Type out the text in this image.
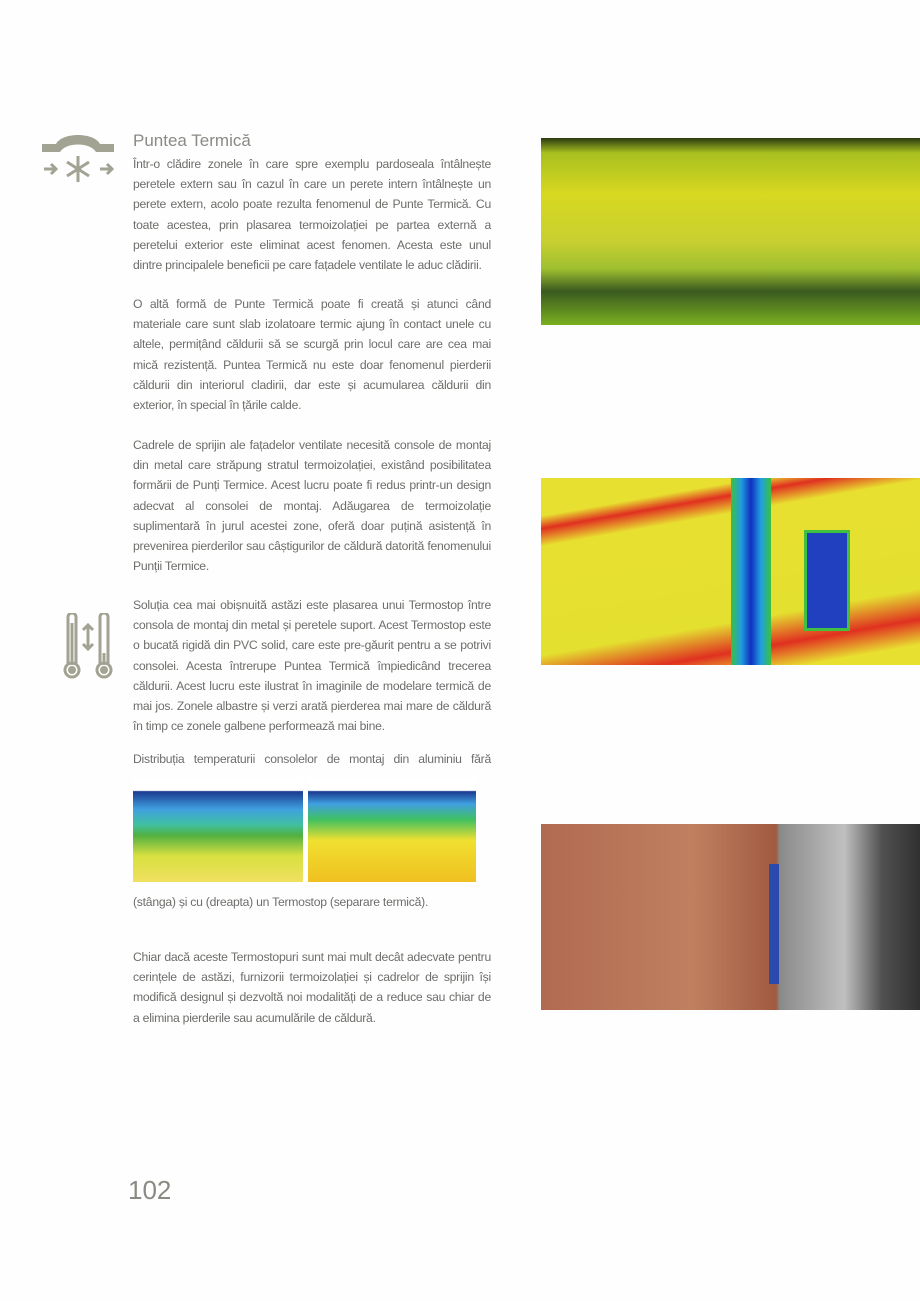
Puntea Termică

Într-o clădire zonele în care spre exemplu pardoseala întâlnește peretele extern sau în cazul în care un perete intern întâlnește un perete extern, acolo poate rezulta fenomenul de Punte Termică. Cu toate acestea, prin plasarea termoizolației pe partea externă a peretelui exterior este eliminat acest fenomen. Acesta este unul dintre principalele beneficii pe care fațadele ventilate le aduc clădirii.

O altă formă de Punte Termică poate fi creată și atunci când materiale care sunt slab izolatoare termic ajung în contact unele cu altele, permițând căldurii să se scurgă prin locul care are cea mai mică rezistență. Puntea Termică nu este doar fenomenul pierderii căldurii din interiorul cladirii, dar este și acumularea căldurii din exterior, în special în țările calde.

Cadrele de sprijin ale fațadelor ventilate necesită console de montaj din metal care străpung stratul termoizolației, existând posibilitatea formării de Punți Termice. Acest lucru poate fi redus printr-un design adecvat al consolei de montaj. Adăugarea de termoizolație suplimentară în jurul acestei zone, oferă doar puțină asistență în prevenirea pierderilor sau câștigurilor de căldură datorită fenomenului Punții Termice.

Soluția cea mai obișnuită astăzi este plasarea unui Termostop între consola de montaj din metal și peretele suport. Acest Termostop este o bucată rigidă din PVC solid, care este pre-găurit pentru a se potrivi consolei. Acesta întrerupe Puntea Termică împiedicând trecerea căldurii. Acest lucru este ilustrat în imaginile de modelare termică de mai jos. Zonele albastre și verzi arată pierderea mai mare de căldură în timp ce zonele galbene performează mai bine.

Distribuția temperaturii consolelor de montaj din aluminiu fără

(stânga) și cu (dreapta) un Termostop (separare termică).

Chiar dacă aceste Termostopuri sunt mai mult decât adecvate pentru cerințele de astăzi, furnizorii termoizolației și cadrelor de sprijin își modifică designul și dezvoltă noi modalități de a reduce sau chiar de a elimina pierderile sau acumulările de căldură.

102
